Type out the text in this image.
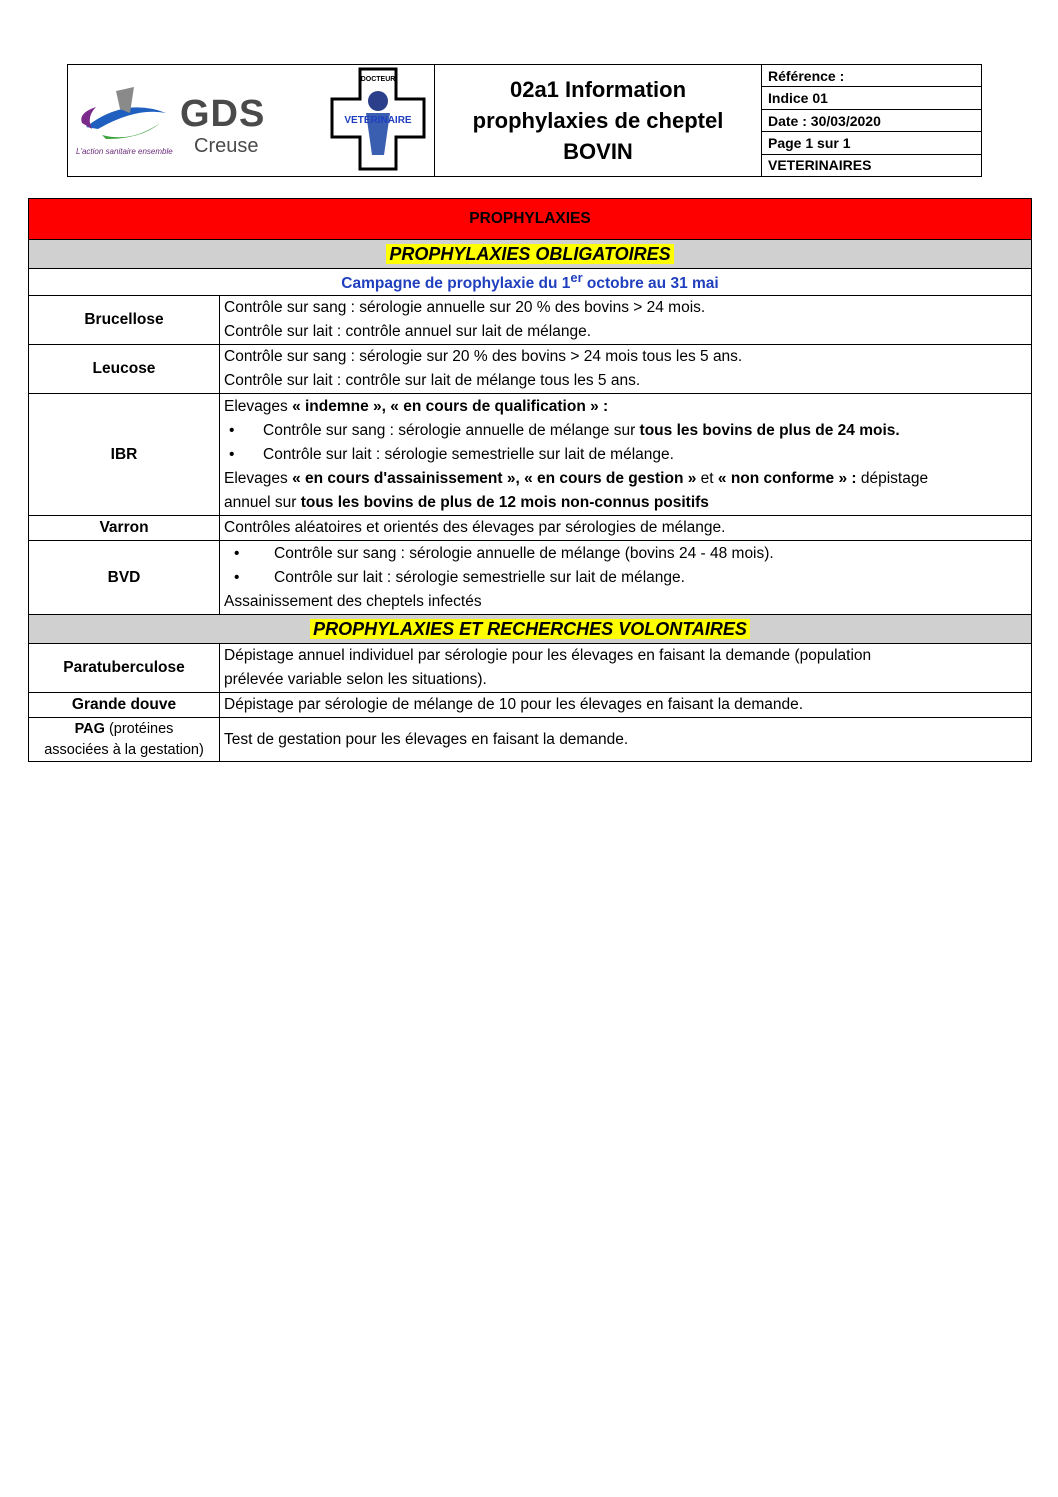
GDS
Creuse
L'action sanitaire ensemble
DOCTEUR
VETERINAIRE
02a1 Information
prophylaxies de cheptel
BOVIN
Référence :
Indice 01
Date : 30/03/2020
Page 1 sur 1
VETERINAIRES
PROPHYLAXIES	
PROPHYLAXIES OBLIGATOIRES	
Campagne de prophylaxie du 1er octobre au 31 mai	
Brucellose	Contrôle sur sang : sérologie annuelle sur 20 % des bovins > 24 mois.
Contrôle sur lait : contrôle annuel sur lait de mélange.

Leucose	Contrôle sur sang : sérologie sur 20 % des bovins > 24 mois tous les 5 ans.
Contrôle sur lait : contrôle sur lait de mélange tous les 5 ans.

IBR	Elevages « indemne », « en cours de qualification » :
• Contrôle sur sang : sérologie annuelle de mélange sur tous les bovins de plus de 24 mois.
• Contrôle sur lait : sérologie semestrielle sur lait de mélange.
Elevages « en cours d'assainissement », « en cours de gestion » et « non conforme » : dépistage
annuel sur tous les bovins de plus de 12 mois non-connus positifs

Varron	Contrôles aléatoires et orientés des élevages par sérologies de mélange.
BVD	• Contrôle sur sang : sérologie annuelle de mélange (bovins 24 - 48 mois).
• Contrôle sur lait : sérologie semestrielle sur lait de mélange.
Assainissement des cheptels infectés

PROPHYLAXIES ET RECHERCHES VOLONTAIRES	
Paratuberculose	Dépistage annuel individuel par sérologie pour les élevages en faisant la demande (population
prélevée variable selon les situations).

Grande douve	Dépistage par sérologie de mélange de 10 pour les élevages en faisant la demande.

PAG (protéines
associées à la gestation)	Test de gestation pour les élevages en faisant la demande.
